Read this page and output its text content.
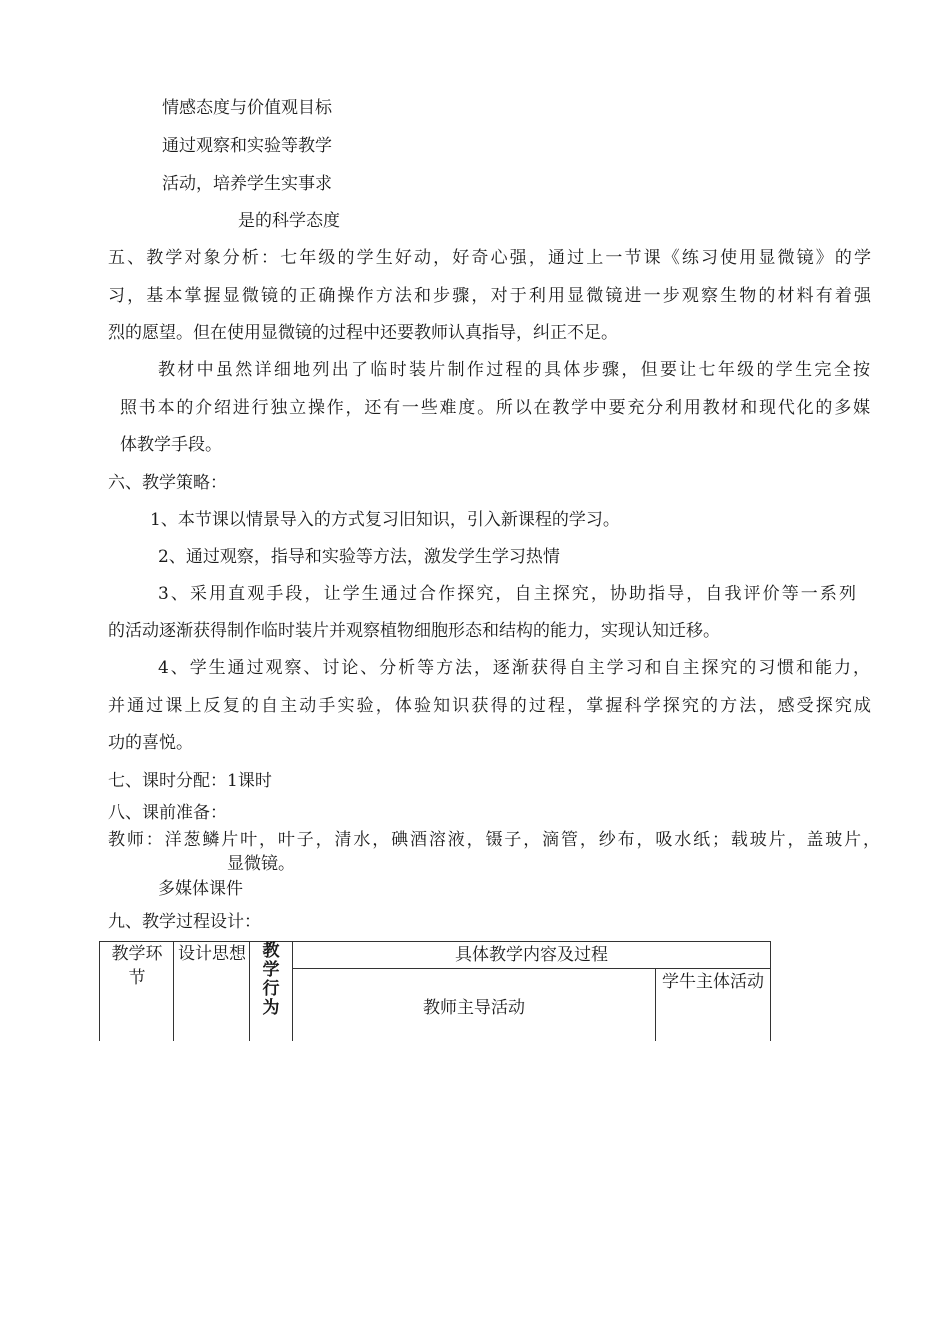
情感态度与价值观目标

通过观察和实验等教学

活动，培养学生实事求

是的科学态度

五、教学对象分析：七年级的学生好动，好奇心强，通过上一节课《练习使用显微镜》的学

习，基本掌握显微镜的正确操作方法和步骤，对于利用显微镜进一步观察生物的材料有着强

烈的愿望。但在使用显微镜的过程中还要教师认真指导，纠正不足。

教材中虽然详细地列出了临时装片制作过程的具体步骤，但要让七年级的学生完全按

照书本的介绍进行独立操作，还有一些难度。所以在教学中要充分利用教材和现代化的多媒

体教学手段。

六、教学策略：

1、本节课以情景导入的方式复习旧知识，引入新课程的学习。

2、通过观察，指导和实验等方法，激发学生学习热情

3、采用直观手段，让学生通过合作探究，自主探究，协助指导，自我评价等一系列

的活动逐渐获得制作临时装片并观察植物细胞形态和结构的能力，实现认知迁移。

4、学生通过观察、讨论、分析等方法，逐渐获得自主学习和自主探究的习惯和能力，

并通过课上反复的自主动手实验，体验知识获得的过程，掌握科学探究的方法，感受探究成

功的喜悦。

七、课时分配：1课时

八、课前准备：

教师：洋葱鳞片叶，叶子，清水，碘酒溶液，镊子，滴管，纱布，吸水纸；载玻片，盖玻片，

显微镜。

多媒体课件

九、教学过程设计：

教学环节
设计思想 教
学
行
为
具体教学内容及过程
教师主导活动
学牛主体活动
